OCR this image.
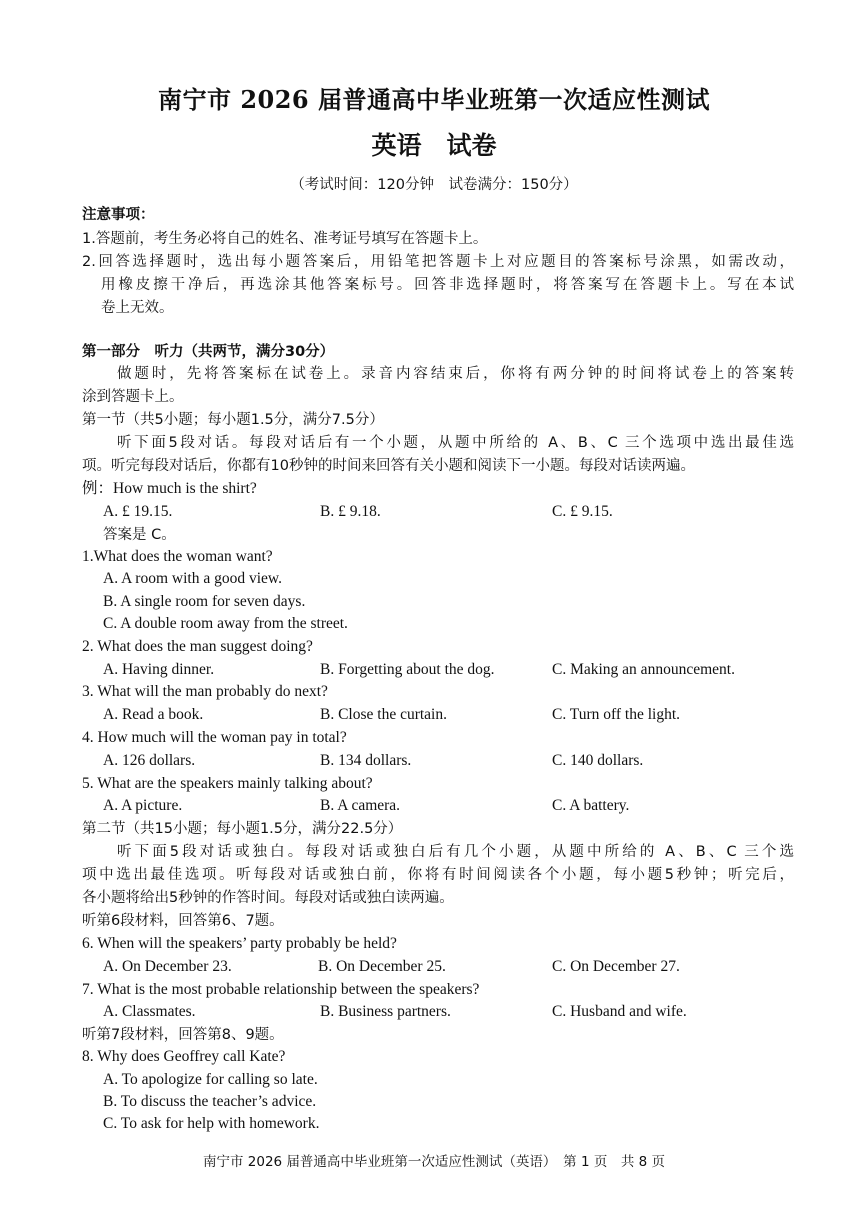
南宁市 2026 届普通高中毕业班第一次适应性测试
英语　试卷
（考试时间：120分钟　试卷满分：150分）
注意事项：
1.答题前，考生务必将自己的姓名、准考证号填写在答题卡上。
2.回答选择题时，选出每小题答案后，用铅笔把答题卡上对应题目的答案标号涂黑，如需改动，
用橡皮擦干净后，再选涂其他答案标号。回答非选择题时，将答案写在答题卡上。写在本试
卷上无效。
第一部分　听力（共两节，满分30分）
做题时，先将答案标在试卷上。录音内容结束后，你将有两分钟的时间将试卷上的答案转
涂到答题卡上。
第一节（共5小题；每小题1.5分，满分7.5分）
听下面5段对话。每段对话后有一个小题，从题中所给的 A、B、C 三个选项中选出最佳选
项。听完每段对话后，你都有10秒钟的时间来回答有关小题和阅读下一小题。每段对话读两遍。
例：How much is the shirt?
A. £ 19.15.	B. £ 9.18.	C. £ 9.15.
答案是 C。
1.What does the woman want?
A. A room with a good view.
B. A single room for seven days.
C. A double room away from the street.
2. What does the man suggest doing?
A. Having dinner.	B. Forgetting about the dog.	C. Making an announcement.
3. What will the man probably do next?
A. Read a book.	B. Close the curtain.	C. Turn off the light.
4. How much will the woman pay in total?
A. 126 dollars.	B. 134 dollars.	C. 140 dollars.
5. What are the speakers mainly talking about?
A. A picture.	B. A camera.	C. A battery.
第二节（共15小题；每小题1.5分，满分22.5分）
听下面5段对话或独白。每段对话或独白后有几个小题，从题中所给的 A、B、C 三个选
项中选出最佳选项。听每段对话或独白前，你将有时间阅读各个小题，每小题5秒钟；听完后，
各小题将给出5秒钟的作答时间。每段对话或独白读两遍。
听第6段材料，回答第6、7题。
6. When will the speakers’ party probably be held?
A. On December 23.	B. On December 25.	C. On December 27.
7. What is the most probable relationship between the speakers?
A. Classmates.	B. Business partners.	C. Husband and wife.
听第7段材料，回答第8、9题。
8. Why does Geoffrey call Kate?
A. To apologize for calling so late.
B. To discuss the teacher’s advice.
C. To ask for help with homework.
南宁市 2026 届普通高中毕业班第一次适应性测试（英语）　第 1 页　共 8 页
